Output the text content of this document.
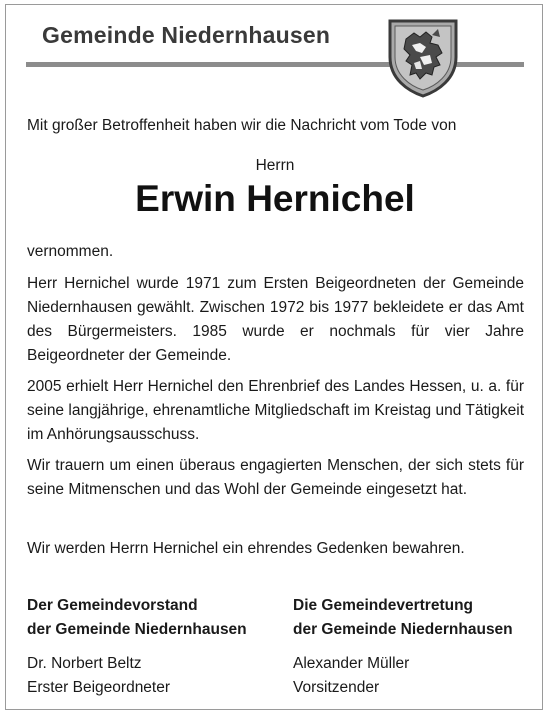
Gemeinde Niedernhausen
Mit großer Betroffenheit haben wir die Nachricht vom Tode von
Herrn
Erwin Hernichel
vernommen.
Herr Hernichel wurde 1971 zum Ersten Beigeordneten der Gemeinde Niedernhausen gewählt. Zwischen 1972 bis 1977 bekleidete er das Amt des Bürgermeisters. 1985 wurde er nochmals für vier Jahre Beigeordneter der Gemeinde.
2005 erhielt Herr Hernichel den Ehrenbrief des Landes Hessen, u. a. für seine langjährige, ehrenamtliche Mitgliedschaft im Kreistag und Tätigkeit im Anhörungsausschuss.
Wir trauern um einen überaus engagierten Menschen, der sich stets für seine Mitmenschen und das Wohl der Gemeinde eingesetzt hat.
Wir werden Herrn Hernichel ein ehrendes Gedenken bewahren.
Der Gemeindevorstand
der Gemeinde Niedernhausen
Dr. Norbert Beltz
Erster Beigeordneter
Die Gemeindevertretung
der Gemeinde Niedernhausen
Alexander Müller
Vorsitzender
